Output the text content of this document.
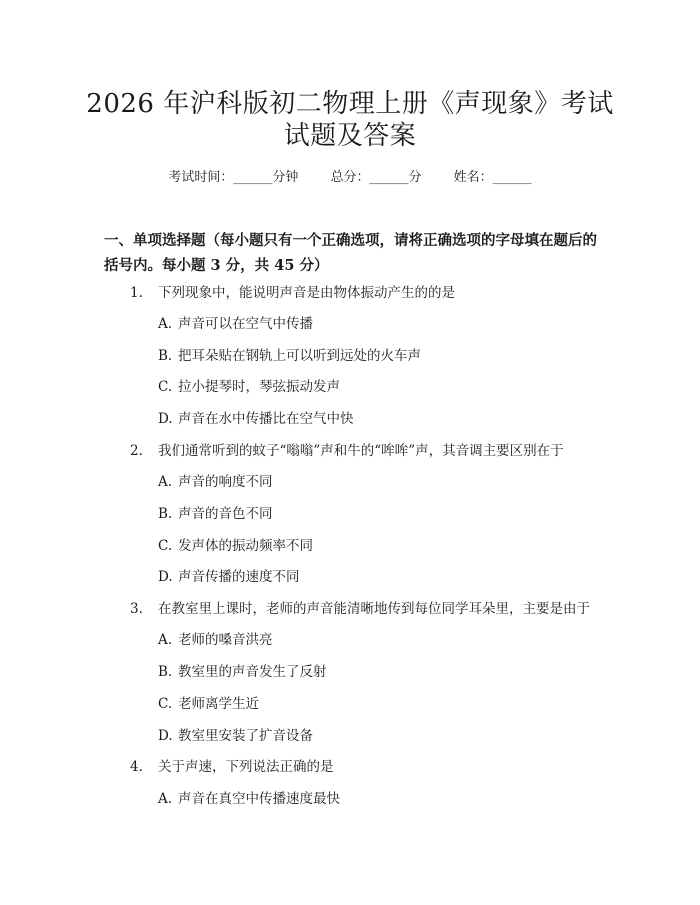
2026 年沪科版初二物理上册《声现象》考试
试题及答案
考试时间：______分钟 总分：______分 姓名：______
一、单项选择题（每小题只有一个正确选项，请将正确选项的字母填在题后的括号内。每小题 3 分，共 45 分）
1. 下列现象中，能说明声音是由物体振动产生的的是
A. 声音可以在空气中传播
B. 把耳朵贴在钢轨上可以听到远处的火车声
C. 拉小提琴时，琴弦振动发声
D. 声音在水中传播比在空气中快
2. 我们通常听到的蚊子“嗡嗡”声和牛的“哞哞”声，其音调主要区别在于
A. 声音的响度不同
B. 声音的音色不同
C. 发声体的振动频率不同
D. 声音传播的速度不同
3. 在教室里上课时，老师的声音能清晰地传到每位同学耳朵里，主要是由于
A. 老师的嗓音洪亮
B. 教室里的声音发生了反射
C. 老师离学生近
D. 教室里安装了扩音设备
4. 关于声速，下列说法正确的是
A. 声音在真空中传播速度最快
